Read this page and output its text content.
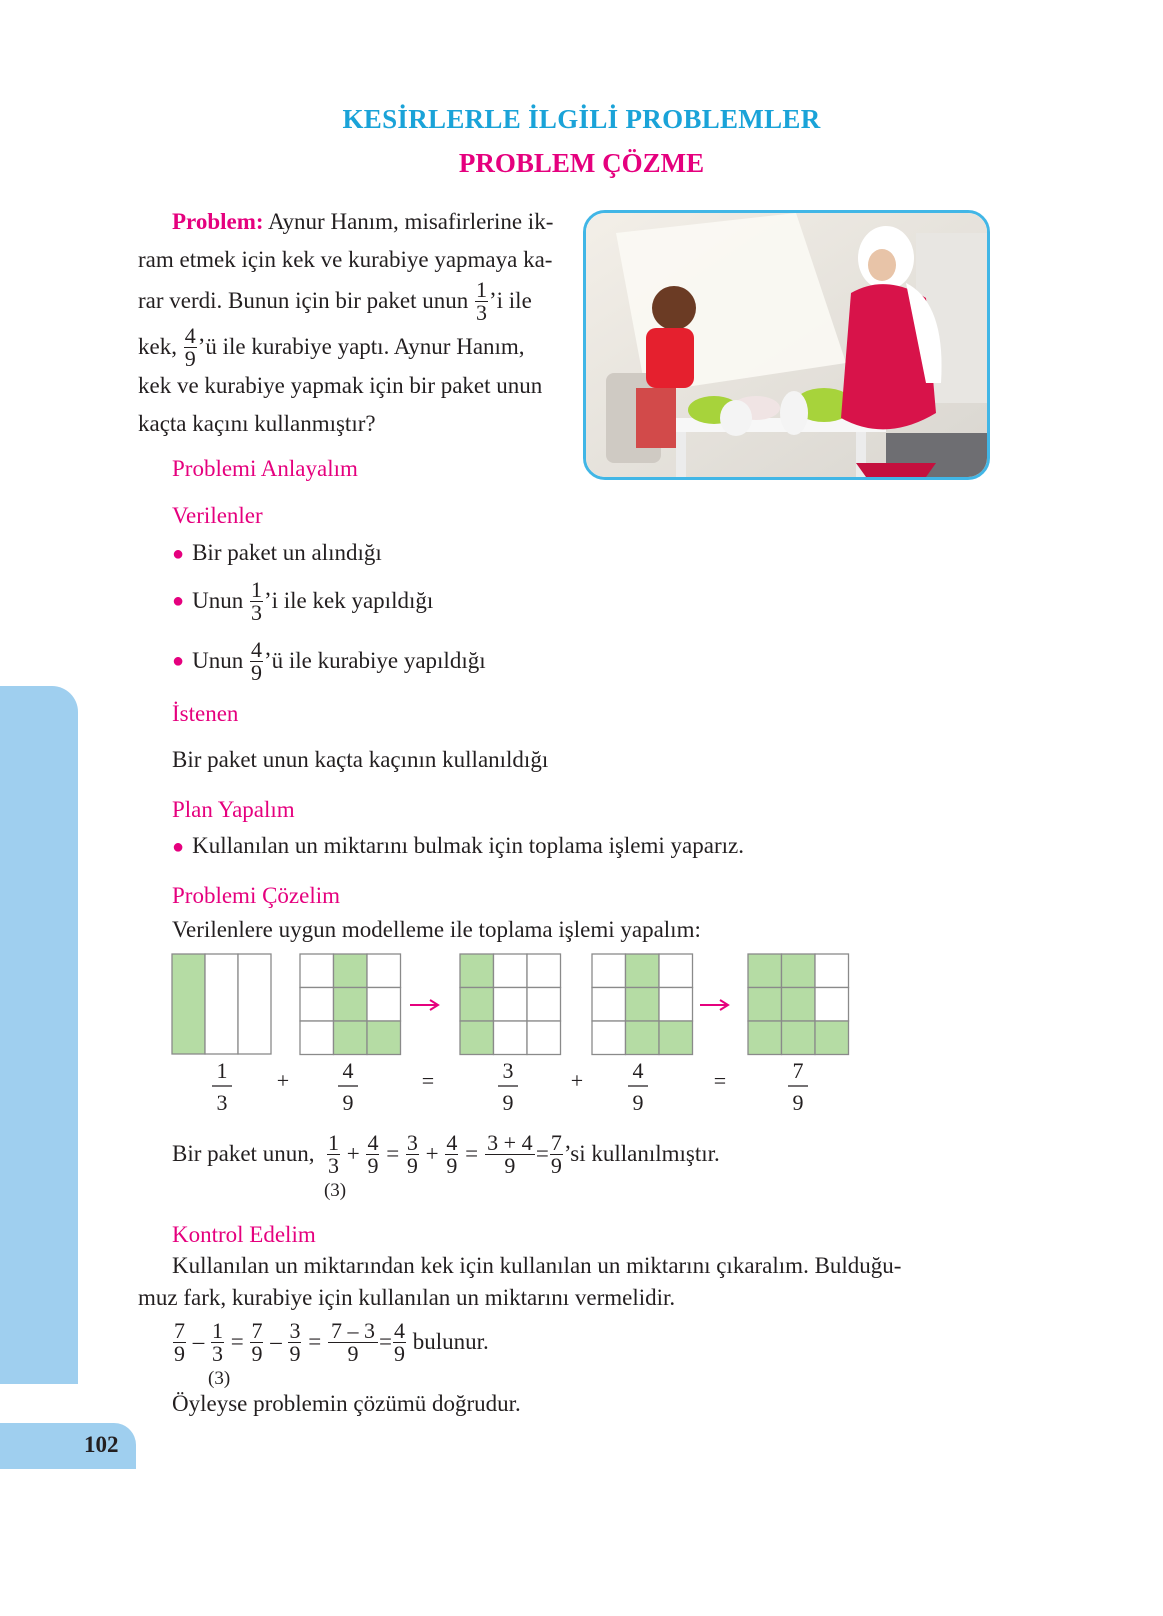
KESİRLERLE İLGİLİ PROBLEMLER
PROBLEM ÇÖZME
Problem: Aynur Hanım, misafirlerine ik-
ram etmek için kek ve kurabiye yapmaya ka-
rar verdi. Bunun için bir paket unun
$\frac{1}{3}$ ’i ile
kek,
$\frac{4}{9}$ ’ü ile kurabiye yaptı. Aynur Hanım,
kek ve kurabiye yapmak için bir paket unun
kaçta kaçını kullanmıştır?
Problemi Anlayalım
Verilenler
● Bir paket un alındığı
● Unun
$\frac{1}{3}$ ’i ile kek yapıldığı
● Unun
$\frac{4}{9}$ ’ü ile kurabiye yapıldığı
İstenen
Bir paket unun kaçta kaçının kullanıldığı
Plan Yapalım
● Kullanılan un miktarını bulmak için toplama işlemi yaparız.
Problemi Çözelim
Verilenlere uygun modelleme ile toplama işlemi yapalım:
1
3
4
9
3
9
4
9
7
9
+	=	+	=
Bir paket unun,
1
3
(3)

+
$\frac{4}{9}$
=
$\frac{3}{9}$
+
$\frac{4}{9}$
=
$\frac{3 + 4}{9} = \frac{7}{9}$ ’si kullanılmıştır.
Kontrol Edelim
Kullanılan un miktarından kek için kullanılan un miktarını çıkaralım. Bulduğu-
muz fark, kurabiye için kullanılan un miktarını vermelidir.
$\frac{7}{9}$
–
1
3
(3)

=
$\frac{7}{9}$
–
$\frac{3}{9}$
=
$\frac{7 - 3}{9} = \frac{4}{9}$
bulunur.
Öyleyse problemin çözümü doğrudur.
102
